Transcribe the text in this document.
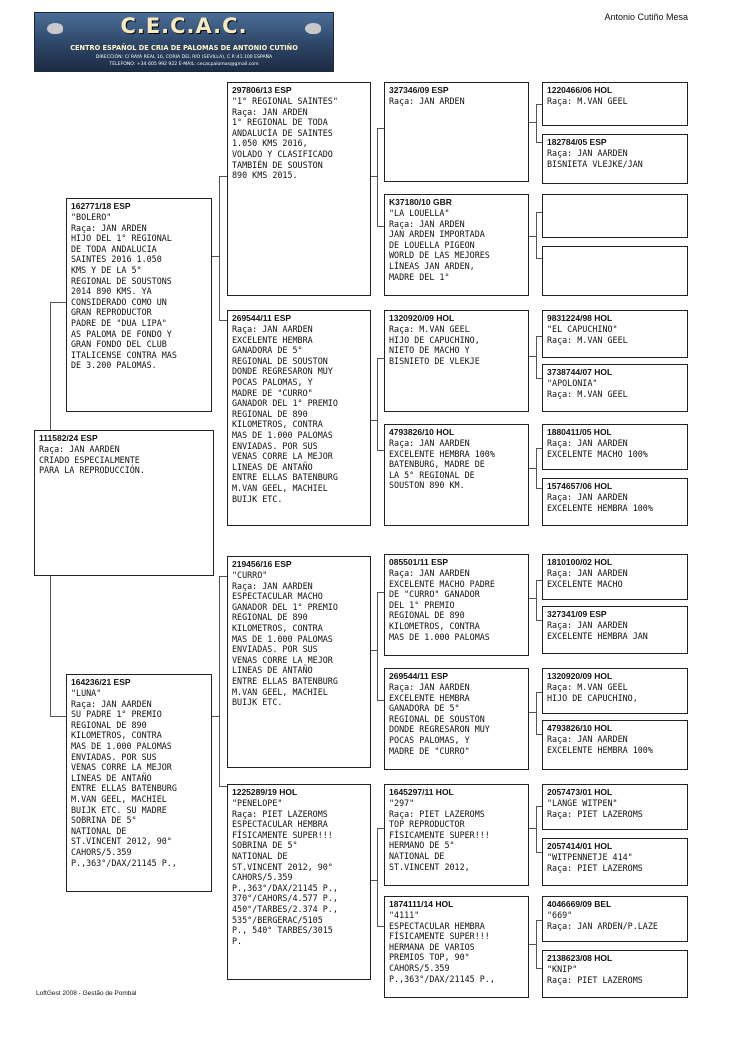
C.E.C.A.C.
CENTRO ESPAÑOL DE CRIA DE PALOMAS DE ANTONIO CUTIÑO
DIRECCIÓN: C/ RAYA REAL 16, CORIA DEL RIO (SEVILLA), C.P.:41.100 ESPAÑA
TELEFONO: +34 605 992 922 E-MAIL: cecacpalomas@gmail.com
Antonio Cutiño Mesa
111582/24 ESP
Raça: JAN AARDEN
CRIADO ESPECIALMENTE
PARA LA REPRODUCCIÓN.
162771/18 ESP
"BOLERO"
Raça: JAN ARDEN
HIJO DEL 1° REGIONAL
DE TODA ANDALUCIA
SAINTES 2016 1.050
KMS Y DE LA 5°
REGIONAL DE SOUSTONS
2014 890 KMS. YA
CONSIDERADO COMO UN
GRAN REPRODUCTOR
PADRE DE "DUA LIPA"
AS PALOMA DE FONDO Y
GRAN FONDO DEL CLUB
ITALICENSE CONTRA MAS
DE 3.200 PALOMAS.
164236/21 ESP
"LUNA"
Raça: JAN AARDEN
SU PADRE 1° PREMIO
REGIONAL DE 890
KILOMETROS, CONTRA
MAS DE 1.000 PALOMAS
ENVIADAS. POR SUS
VENAS CORRE LA MEJOR
LINEAS DE ANTAÑO
ENTRE ELLAS BATENBURG
M.VAN GEEL, MACHIEL
BUIJK ETC. SU MADRE
SOBRINA DE 5°
NATIONAL DE
ST.VINCENT 2012, 90°
CAHORS/5.359
P.,363°/DAX/21145 P.,
297806/13 ESP
"1° REGIONAL SAINTES"
Raça: JAN ARDEN
1° REGIONAL DE TODA
ANDALUCÍA DE SAINTES
1.050 KMS 2016,
VOLADO Y CLASIFICADO
TAMBIÉN DE SOUSTON
890 KMS 2015.
269544/11 ESP
Raça: JAN AARDEN
EXCELENTE HEMBRA
GANADORA DE 5°
REGIONAL DE SOUSTON
DONDE REGRESARON MUY
POCAS PALOMAS, Y
MADRE DE "CURRO"
GANADOR DEL 1° PREMIO
REGIONAL DE 890
KILOMETROS, CONTRA
MAS DE 1.000 PALOMAS
ENVIADAS. POR SUS
VENAS CORRE LA MEJOR
LINEAS DE ANTAÑO
ENTRE ELLAS BATENBURG
M.VAN GEEL, MACHIEL
BUIJK ETC.
219456/16 ESP
"CURRO"
Raça: JAN AARDEN
ESPECTACULAR MACHO
GANADOR DEL 1° PREMIO
REGIONAL DE 890
KILOMETROS, CONTRA
MAS DE 1.000 PALOMAS
ENVIADAS. POR SUS
VENAS CORRE LA MEJOR
LINEAS DE ANTAÑO
ENTRE ELLAS BATENBURG
M.VAN GEEL, MACHIEL
BUIJK ETC.
1225289/19 HOL
"PENELOPE"
Raça: PIET LAZEROMS
ESPECTACULAR HEMBRA
FÍSICAMENTE SUPER!!!
SOBRINA DE 5°
NATIONAL DE
ST.VINCENT 2012, 90°
CAHORS/5.359
P.,363°/DAX/21145 P.,
370°/CAHORS/4.577 P.,
450°/TARBES/2.374 P.,
535°/BERGERAC/5105
P., 540° TARBES/3015
P.
327346/09 ESP
Raça: JAN ARDEN
K37180/10 GBR
"LA LOUELLA"
Raça: JAN ARDEN
JAN ARDEN IMPORTADA
DE LOUELLA PIGEON
WORLD DE LAS MEJORES
LÍNEAS JAN ARDEN,
MADRE DEL 1°
1320920/09 HOL
Raça: M.VAN GEEL
HIJO DE CAPUCHINO,
NIETO DE MACHO Y
BISNIETO DE VLEKJE
4793826/10 HOL
Raça: JAN AARDEN
EXCELENTE HEMBRA 100%
BATENBURG, MADRE DE
LA 5° REGIONAL DE
SOUSTON 890 KM.
085501/11 ESP
Raça: JAN AARDEN
EXCELENTE MACHO PADRE
DE "CURRO" GANADOR
DEL 1° PREMIO
REGIONAL DE 890
KILOMETROS, CONTRA
MAS DE 1.000 PALOMAS
269544/11 ESP
Raça: JAN AARDEN
EXCELENTE HEMBRA
GANADORA DE 5°
REGIONAL DE SOUSTON
DONDE REGRESARON MUY
POCAS PALOMAS, Y
MADRE DE "CURRO"
1645297/11 HOL
"297"
Raça: PIET LAZEROMS
TOP REPRODUCTOR
FÍSICAMENTE SUPER!!!
HERMANO DE 5°
NATIONAL DE
ST.VINCENT 2012,
1874111/14 HOL
"4111"
ESPECTACULAR HEMBRA
FÍSICAMENTE SUPER!!!
HERMANA DE VARIOS
PREMIOS TOP, 90°
CAHORS/5.359
P.,363°/DAX/21145 P.,
1220466/06 HOL
Raça: M.VAN GEEL
182784/05 ESP
Raça: JAN AARDEN
BISNIETA VLEJKE/JAN
9831224/98 HOL
"EL CAPUCHINO"
Raça: M.VAN GEEL
3738744/07 HOL
"APOLONIA"
Raça: M.VAN GEEL
1880411/05 HOL
Raça: JAN AARDEN
EXCELENTE MACHO 100%
1574657/06 HOL
Raça: JAN AARDEN
EXCELENTE HEMBRA 100%
1810100/02 HOL
Raça: JAN AARDEN
EXCELENTE MACHO
327341/09 ESP
Raça: JAN AARDEN
EXCELENTE HEMBRA JAN
1320920/09 HOL
Raça: M.VAN GEEL
HIJO DE CAPUCHINO,
4793826/10 HOL
Raça: JAN AARDEN
EXCELENTE HEMBRA 100%
2057473/01 HOL
"LANGE WITPEN"
Raça: PIET LAZEROMS
2057414/01 HOL
"WITPENNETJE 414"
Raça: PIET LAZEROMS
4046669/09 BEL
"669"
Raça: JAN ARDEN/P.LAZE
2138623/08 HOL
"KNIP"
Raça: PIET LAZEROMS
LoftGest 2008 - Gestão de Pombal
